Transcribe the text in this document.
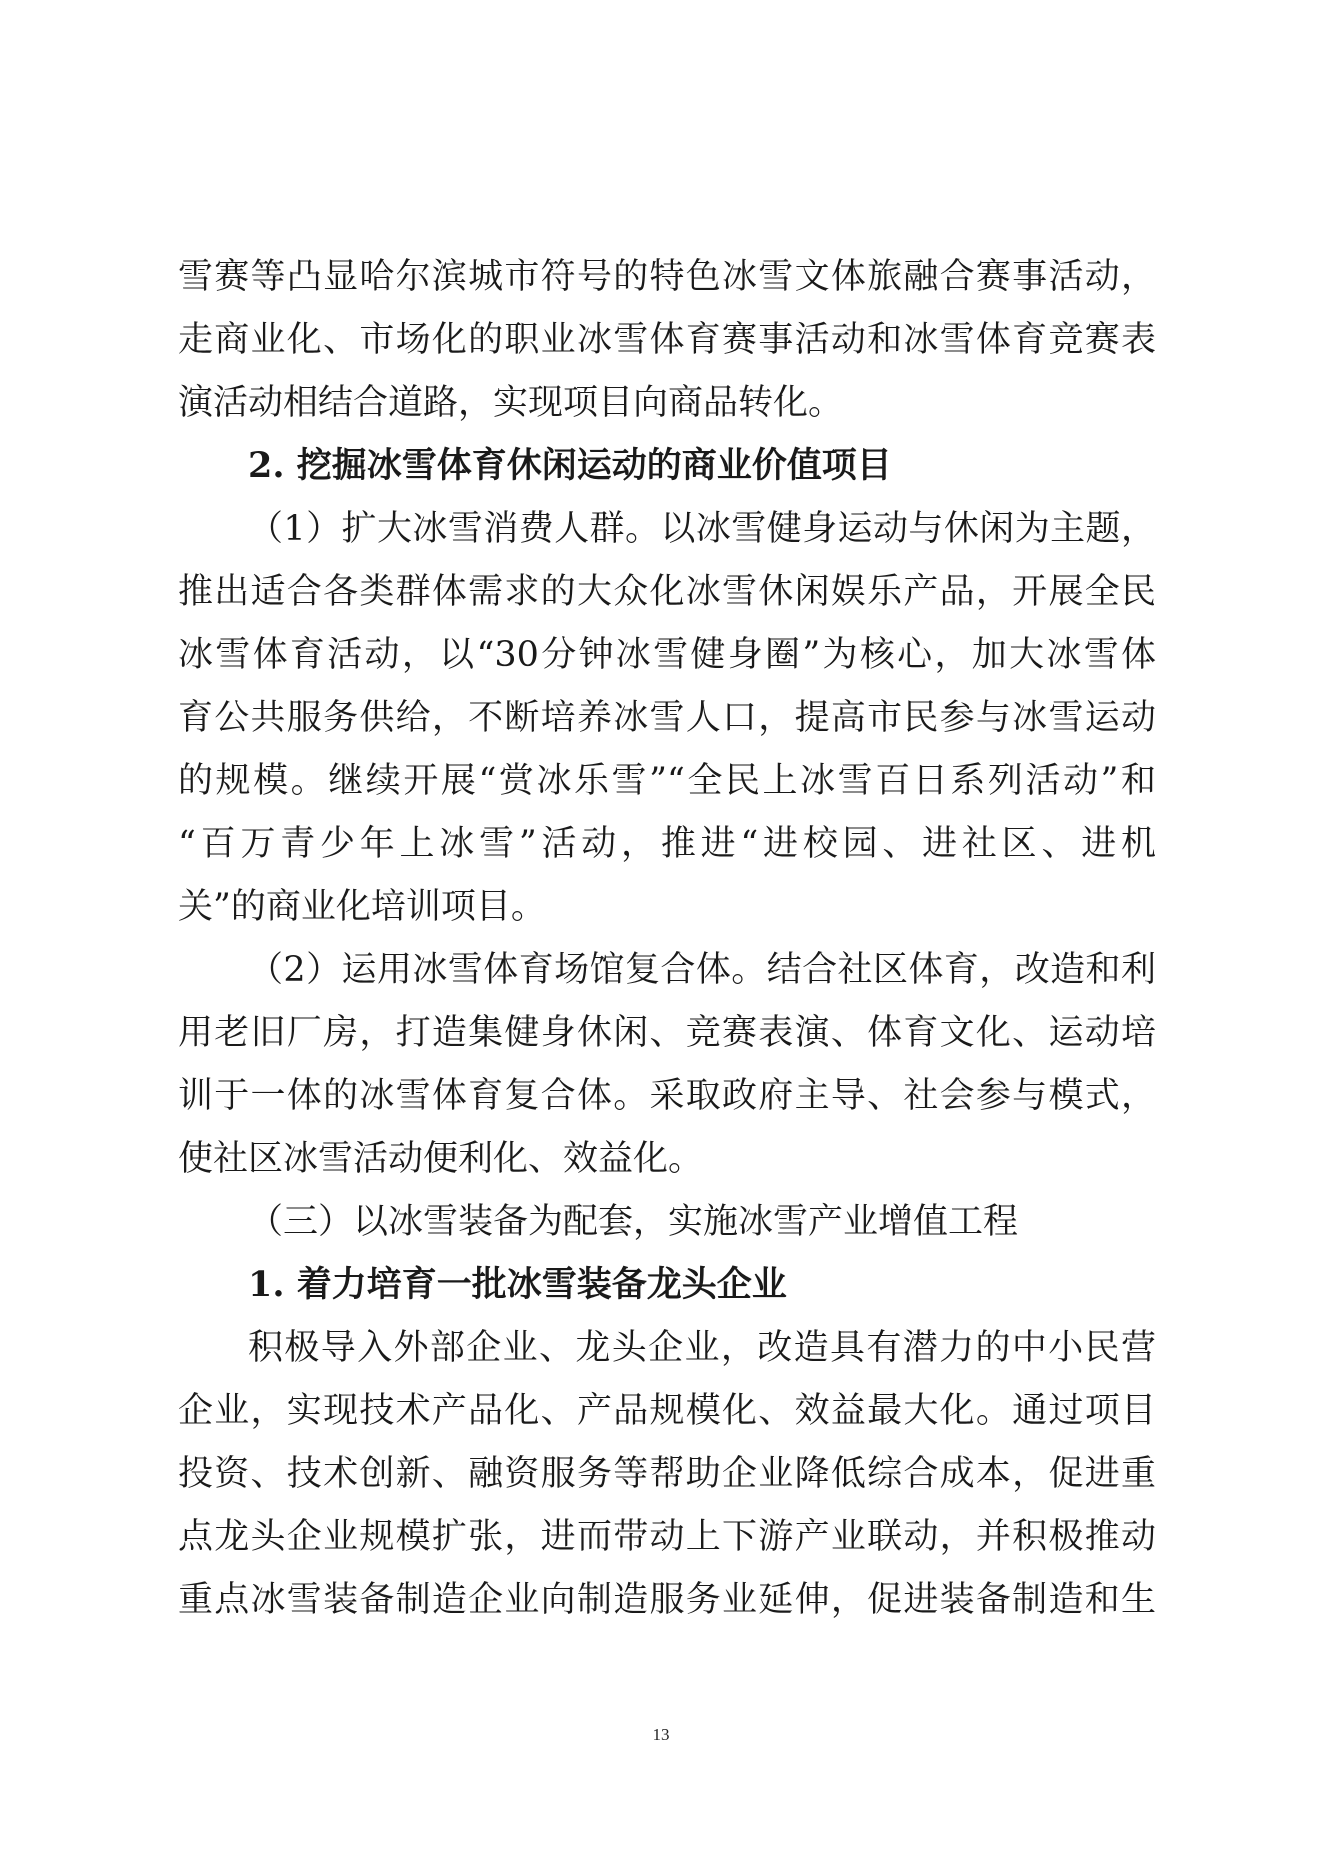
雪赛等凸显哈尔滨城市符号的特色冰雪文体旅融合赛事活动，
走商业化、市场化的职业冰雪体育赛事活动和冰雪体育竞赛表
演活动相结合道路，实现项目向商品转化。
2. 挖掘冰雪体育休闲运动的商业价值项目
（1）扩大冰雪消费人群。以冰雪健身运动与休闲为主题，
推出适合各类群体需求的大众化冰雪休闲娱乐产品，开展全民
冰雪体育活动，以“30分钟冰雪健身圈”为核心，加大冰雪体
育公共服务供给，不断培养冰雪人口，提高市民参与冰雪运动
的规模。继续开展“赏冰乐雪”“全民上冰雪百日系列活动”和
“百万青少年上冰雪”活动，推进“进校园、进社区、进机
关”的商业化培训项目。
（2）运用冰雪体育场馆复合体。结合社区体育，改造和利
用老旧厂房，打造集健身休闲、竞赛表演、体育文化、运动培
训于一体的冰雪体育复合体。采取政府主导、社会参与模式，
使社区冰雪活动便利化、效益化。
（三）以冰雪装备为配套，实施冰雪产业增值工程
1. 着力培育一批冰雪装备龙头企业
积极导入外部企业、龙头企业，改造具有潜力的中小民营
企业，实现技术产品化、产品规模化、效益最大化。通过项目
投资、技术创新、融资服务等帮助企业降低综合成本，促进重
点龙头企业规模扩张，进而带动上下游产业联动，并积极推动
重点冰雪装备制造企业向制造服务业延伸，促进装备制造和生
13
